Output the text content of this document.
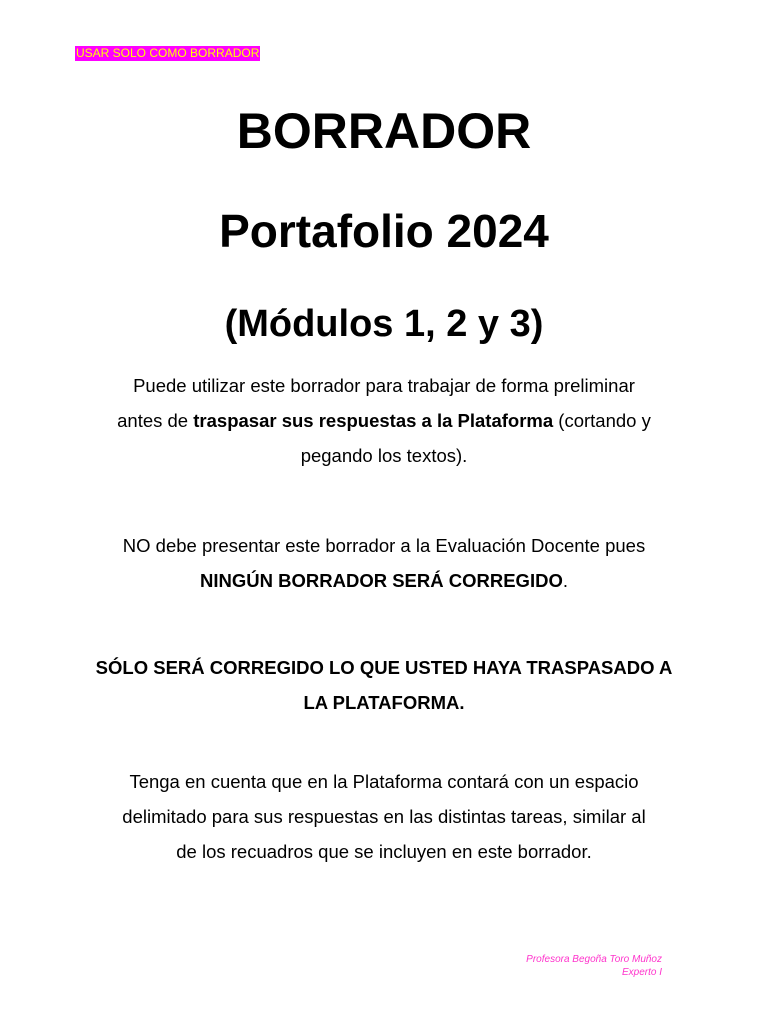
USAR SOLO COMO BORRADOR
BORRADOR
Portafolio 2024
(Módulos 1, 2 y 3)
Puede utilizar este borrador para trabajar de forma preliminar
antes de traspasar sus respuestas a la Plataforma (cortando y
pegando los textos).
NO debe presentar este borrador a la Evaluación Docente pues
NINGÚN BORRADOR SERÁ CORREGIDO.
SÓLO SERÁ CORREGIDO LO QUE USTED HAYA TRASPASADO A
LA PLATAFORMA.
Tenga en cuenta que en la Plataforma contará con un espacio
delimitado para sus respuestas en las distintas tareas, similar al
de los recuadros que se incluyen en este borrador.
Profesora Begoña Toro Muñoz
Experto I
